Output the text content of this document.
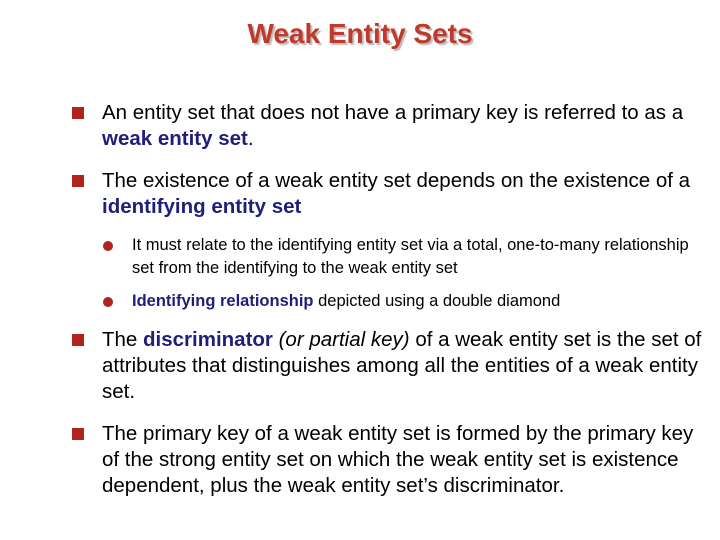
Weak Entity Sets
An entity set that does not have a primary key is referred to as a weak entity set.
The existence of a weak entity set depends on the existence of a identifying entity set
It must relate to the identifying entity set via a total, one-to-many relationship set from the identifying to the weak entity set
Identifying relationship depicted using a double diamond
The discriminator (or partial key) of a weak entity set is the set of attributes that distinguishes among all the entities of a weak entity set.
The primary key of a weak entity set is formed by the primary key of the strong entity set on which the weak entity set is existence dependent, plus the weak entity set’s discriminator.
